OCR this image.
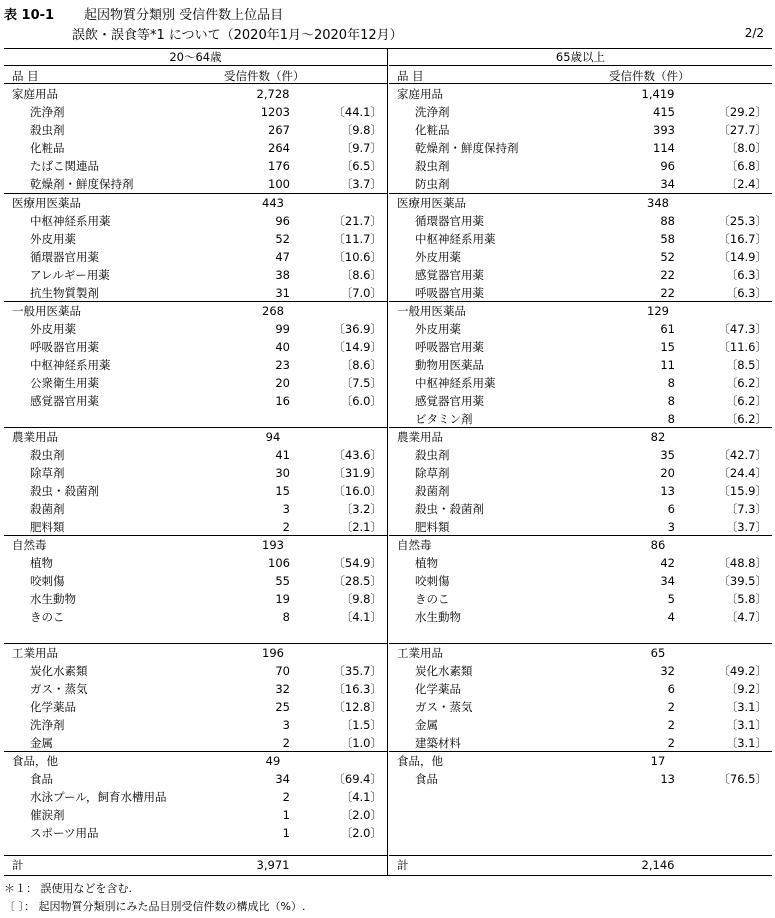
表 10-1 起因物質分類別 受信件数上位品目
誤飲・誤食等*1 について（2020年1月～2020年12月）	2/2
20～64歳
品 目	受信件数（件）
家庭用品	2,728
洗浄剤	1203	〔44.1〕
殺虫剤	267	〔9.8〕
化粧品	264	〔9.7〕
たばこ関連品	176	〔6.5〕
乾燥剤・鮮度保持剤	100	〔3.7〕
医療用医薬品	443
中枢神経系用薬	96	〔21.7〕
外皮用薬	52	〔11.7〕
循環器官用薬	47	〔10.6〕
アレルギー用薬	38	〔8.6〕
抗生物質製剤	31	〔7.0〕
一般用医薬品	268
外皮用薬	99	〔36.9〕
呼吸器官用薬	40	〔14.9〕
中枢神経系用薬	23	〔8.6〕
公衆衛生用薬	20	〔7.5〕
感覚器官用薬	16	〔6.0〕
農業用品	94
殺虫剤	41	〔43.6〕
除草剤	30	〔31.9〕
殺虫・殺菌剤	15	〔16.0〕
殺菌剤	3	〔3.2〕
肥料類	2	〔2.1〕
自然毒	193
植物	106	〔54.9〕
咬刺傷	55	〔28.5〕
水生動物	19	〔9.8〕
きのこ	8	〔4.1〕
工業用品	196
炭化水素類	70	〔35.7〕
ガス・蒸気	32	〔16.3〕
化学薬品	25	〔12.8〕
洗浄剤	3	〔1.5〕
金属	2	〔1.0〕
食品，他	49
食品	34	〔69.4〕
水泳プール，飼育水槽用品	2	〔4.1〕
催涙剤	1	〔2.0〕
スポーツ用品	1	〔2.0〕
計	3,971
65歳以上
品 目	受信件数（件）
家庭用品	1,419
洗浄剤	415	〔29.2〕
化粧品	393	〔27.7〕
乾燥剤・鮮度保持剤	114	〔8.0〕
殺虫剤	96	〔6.8〕
防虫剤	34	〔2.4〕
医療用医薬品	348
循環器官用薬	88	〔25.3〕
中枢神経系用薬	58	〔16.7〕
外皮用薬	52	〔14.9〕
感覚器官用薬	22	〔6.3〕
呼吸器官用薬	22	〔6.3〕
一般用医薬品	129
外皮用薬	61	〔47.3〕
呼吸器官用薬	15	〔11.6〕
動物用医薬品	11	〔8.5〕
中枢神経系用薬	8	〔6.2〕
感覚器官用薬	8	〔6.2〕
ビタミン剤	8	〔6.2〕
農業用品	82
殺虫剤	35	〔42.7〕
除草剤	20	〔24.4〕
殺菌剤	13	〔15.9〕
殺虫・殺菌剤	6	〔7.3〕
肥料類	3	〔3.7〕
自然毒	86
植物	42	〔48.8〕
咬刺傷	34	〔39.5〕
きのこ	5	〔5.8〕
水生動物	4	〔4.7〕
工業用品	65
炭化水素類	32	〔49.2〕
化学薬品	6	〔9.2〕
ガス・蒸気	2	〔3.1〕
金属	2	〔3.1〕
建築材料	2	〔3.1〕
食品，他	17
食品	13	〔76.5〕
計	2,146
＊１： 誤使用などを含む.
〔 〕： 起因物質分類別にみた品目別受信件数の構成比（%）.
